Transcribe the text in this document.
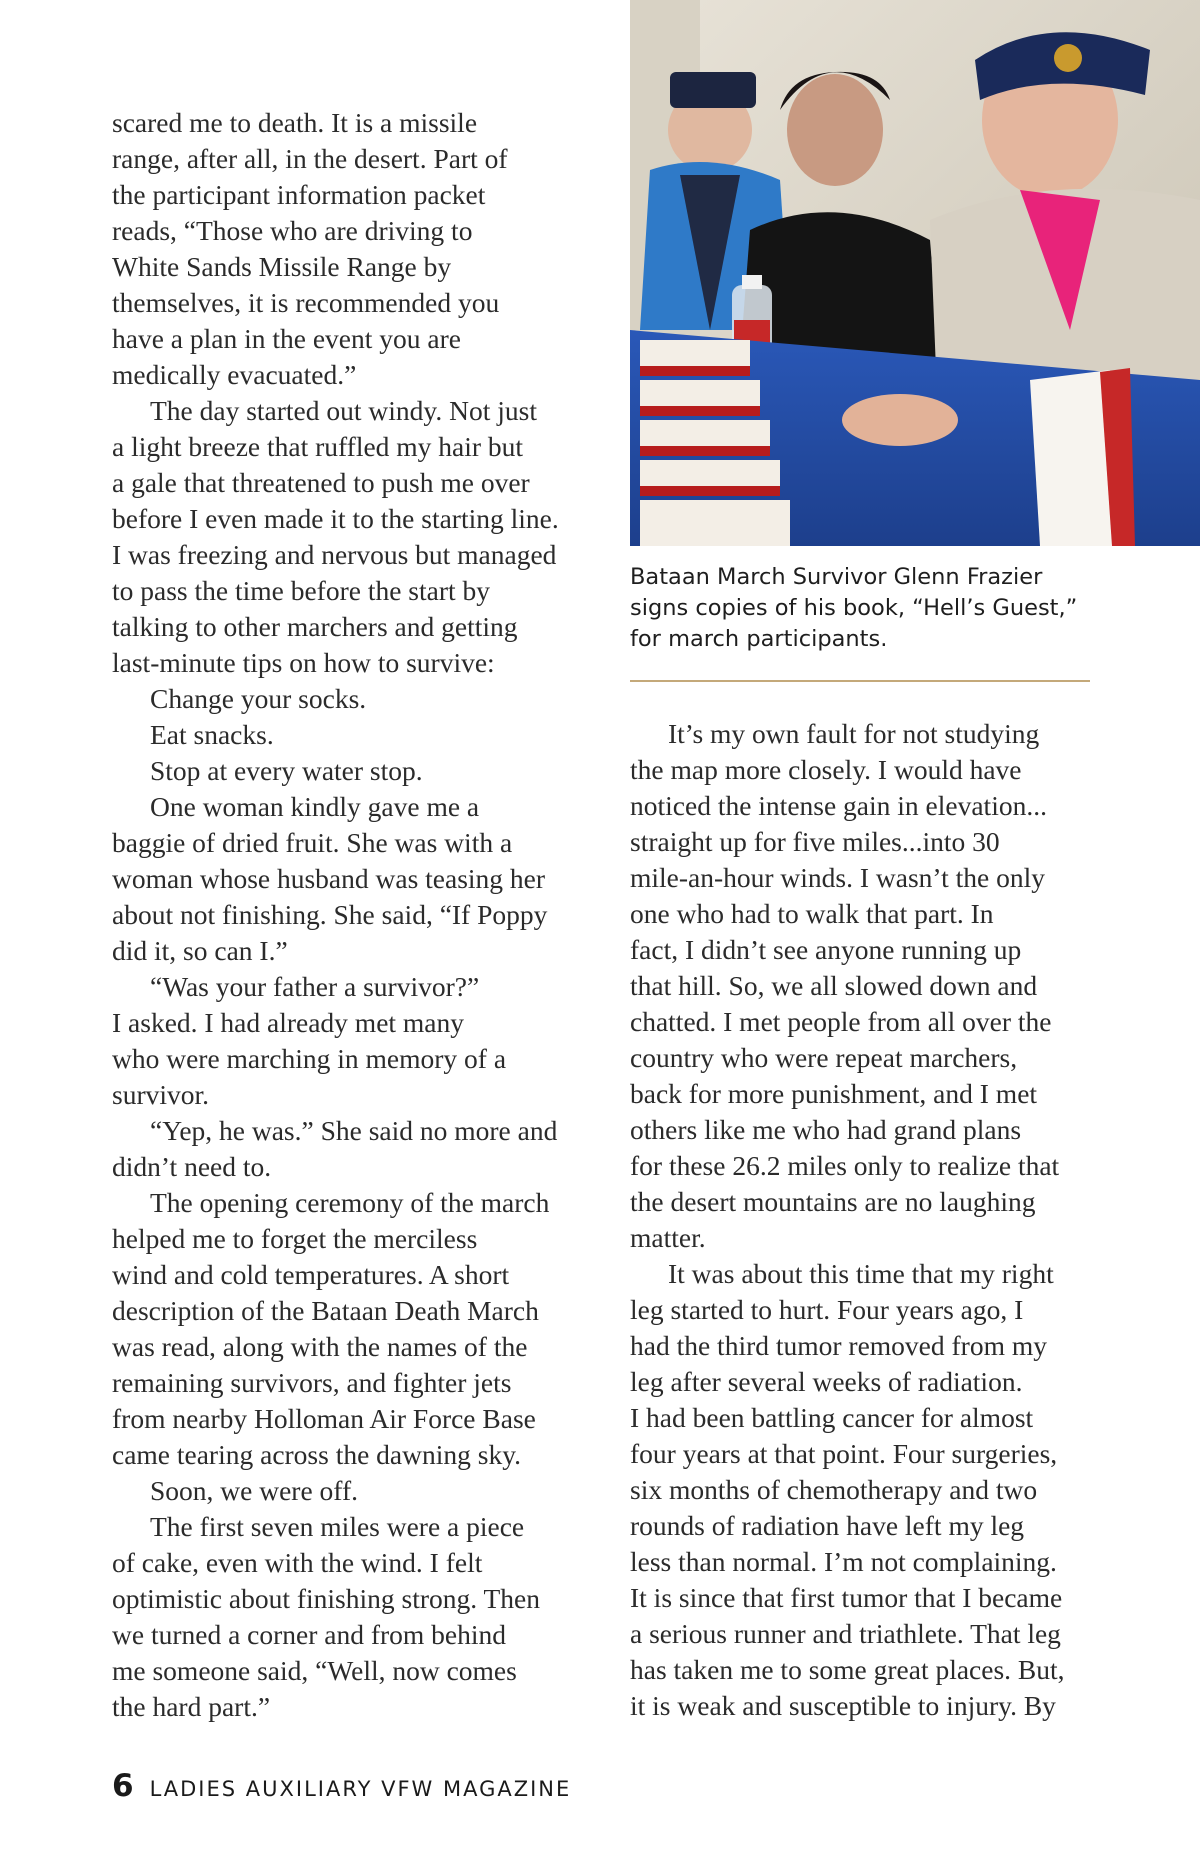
scared me to death. It is a missile
range, after all, in the desert. Part of
the participant information packet
reads, “Those who are driving to
White Sands Missile Range by
themselves, it is recommended you
have a plan in the event you are
medically evacuated.”
The day started out windy. Not just
a light breeze that ruffled my hair but
a gale that threatened to push me over
before I even made it to the starting line.
I was freezing and nervous but managed
to pass the time before the start by
talking to other marchers and getting
last-minute tips on how to survive:
Change your socks.
Eat snacks.
Stop at every water stop.
One woman kindly gave me a
baggie of dried fruit. She was with a
woman whose husband was teasing her
about not finishing. She said, “If Poppy
did it, so can I.”
“Was your father a survivor?”
I asked. I had already met many
who were marching in memory of a
survivor.
“Yep, he was.” She said no more and
didn’t need to.
The opening ceremony of the march
helped me to forget the merciless
wind and cold temperatures. A short
description of the Bataan Death March
was read, along with the names of the
remaining survivors, and fighter jets
from nearby Holloman Air Force Base
came tearing across the dawning sky.
Soon, we were off.
The first seven miles were a piece
of cake, even with the wind. I felt
optimistic about finishing strong. Then
we turned a corner and from behind
me someone said, “Well, now comes
the hard part.”
Bataan March Survivor Glenn Frazier
signs copies of his book, “Hell’s Guest,”
for march participants.
It’s my own fault for not studying
the map more closely. I would have
noticed the intense gain in elevation...
straight up for five miles...into 30
mile-an-hour winds. I wasn’t the only
one who had to walk that part. In
fact, I didn’t see anyone running up
that hill. So, we all slowed down and
chatted. I met people from all over the
country who were repeat marchers,
back for more punishment, and I met
others like me who had grand plans
for these 26.2 miles only to realize that
the desert mountains are no laughing
matter.
It was about this time that my right
leg started to hurt. Four years ago, I
had the third tumor removed from my
leg after several weeks of radiation.
I had been battling cancer for almost
four years at that point. Four surgeries,
six months of chemotherapy and two
rounds of radiation have left my leg
less than normal. I’m not complaining.
It is since that first tumor that I became
a serious runner and triathlete. That leg
has taken me to some great places. But,
it is weak and susceptible to injury. By
6 LADIES AUXILIARY VFW MAGAZINE
